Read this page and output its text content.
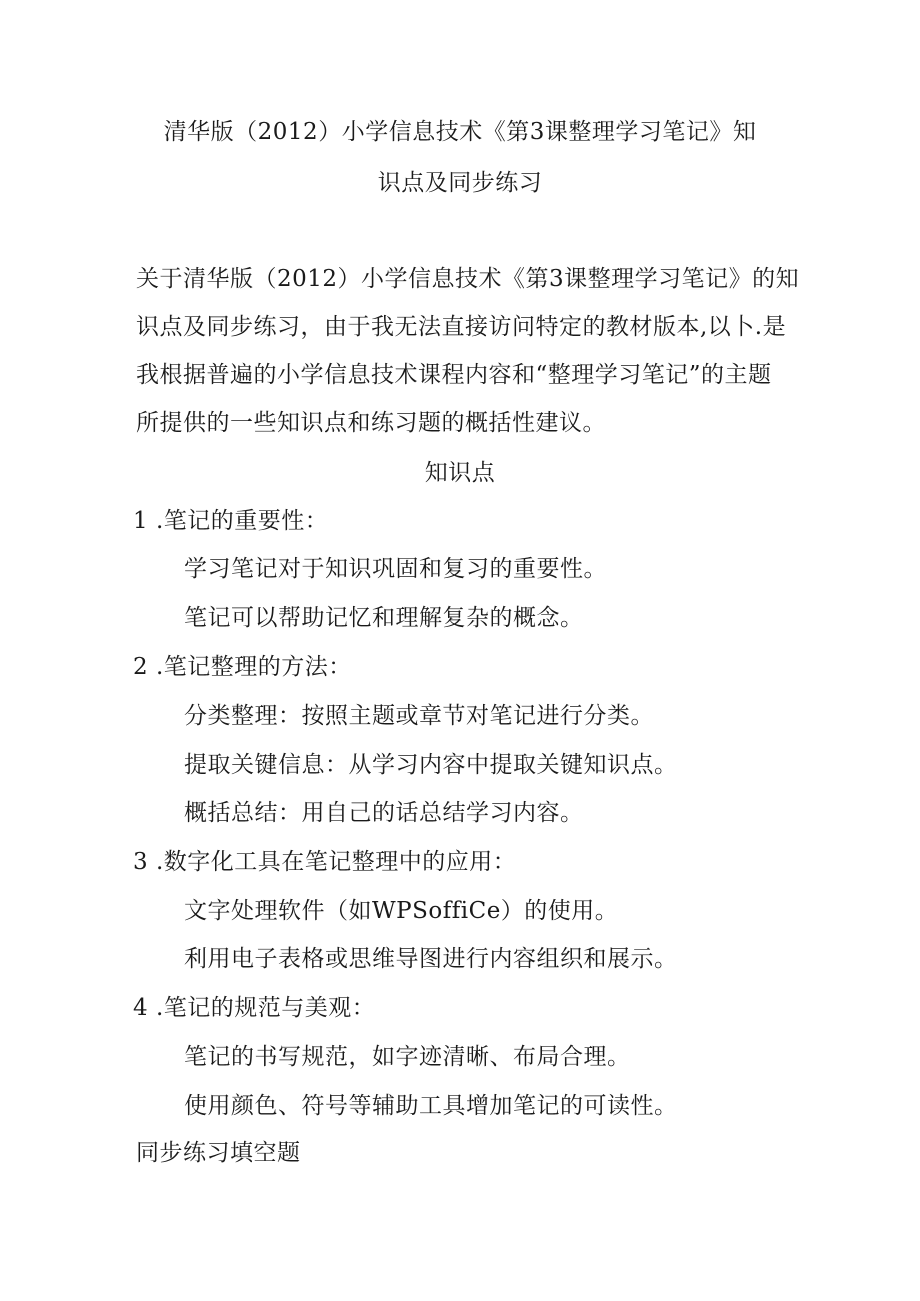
清华版（2012）小学信息技术《第3课整理学习笔记》知
识点及同步练习
关于清华版（2012）小学信息技术《第3课整理学习笔记》的知
识点及同步练习，由于我无法直接访问特定的教材版本,以卜.是
我根据普遍的小学信息技术课程内容和“整理学习笔记”的主题
所提供的一些知识点和练习题的概括性建议。
知识点
1 .笔记的重要性：
学习笔记对于知识巩固和复习的重要性。
笔记可以帮助记忆和理解复杂的概念。
2 .笔记整理的方法：
分类整理：按照主题或章节对笔记进行分类。
提取关键信息：从学习内容中提取关键知识点。
概括总结：用自己的话总结学习内容。
3 .数字化工具在笔记整理中的应用：
文字处理软件（如WPSoffiCe）的使用。
利用电子表格或思维导图进行内容组织和展示。
4 .笔记的规范与美观：
笔记的书写规范，如字迹清晰、布局合理。
使用颜色、符号等辅助工具增加笔记的可读性。
同步练习填空题
